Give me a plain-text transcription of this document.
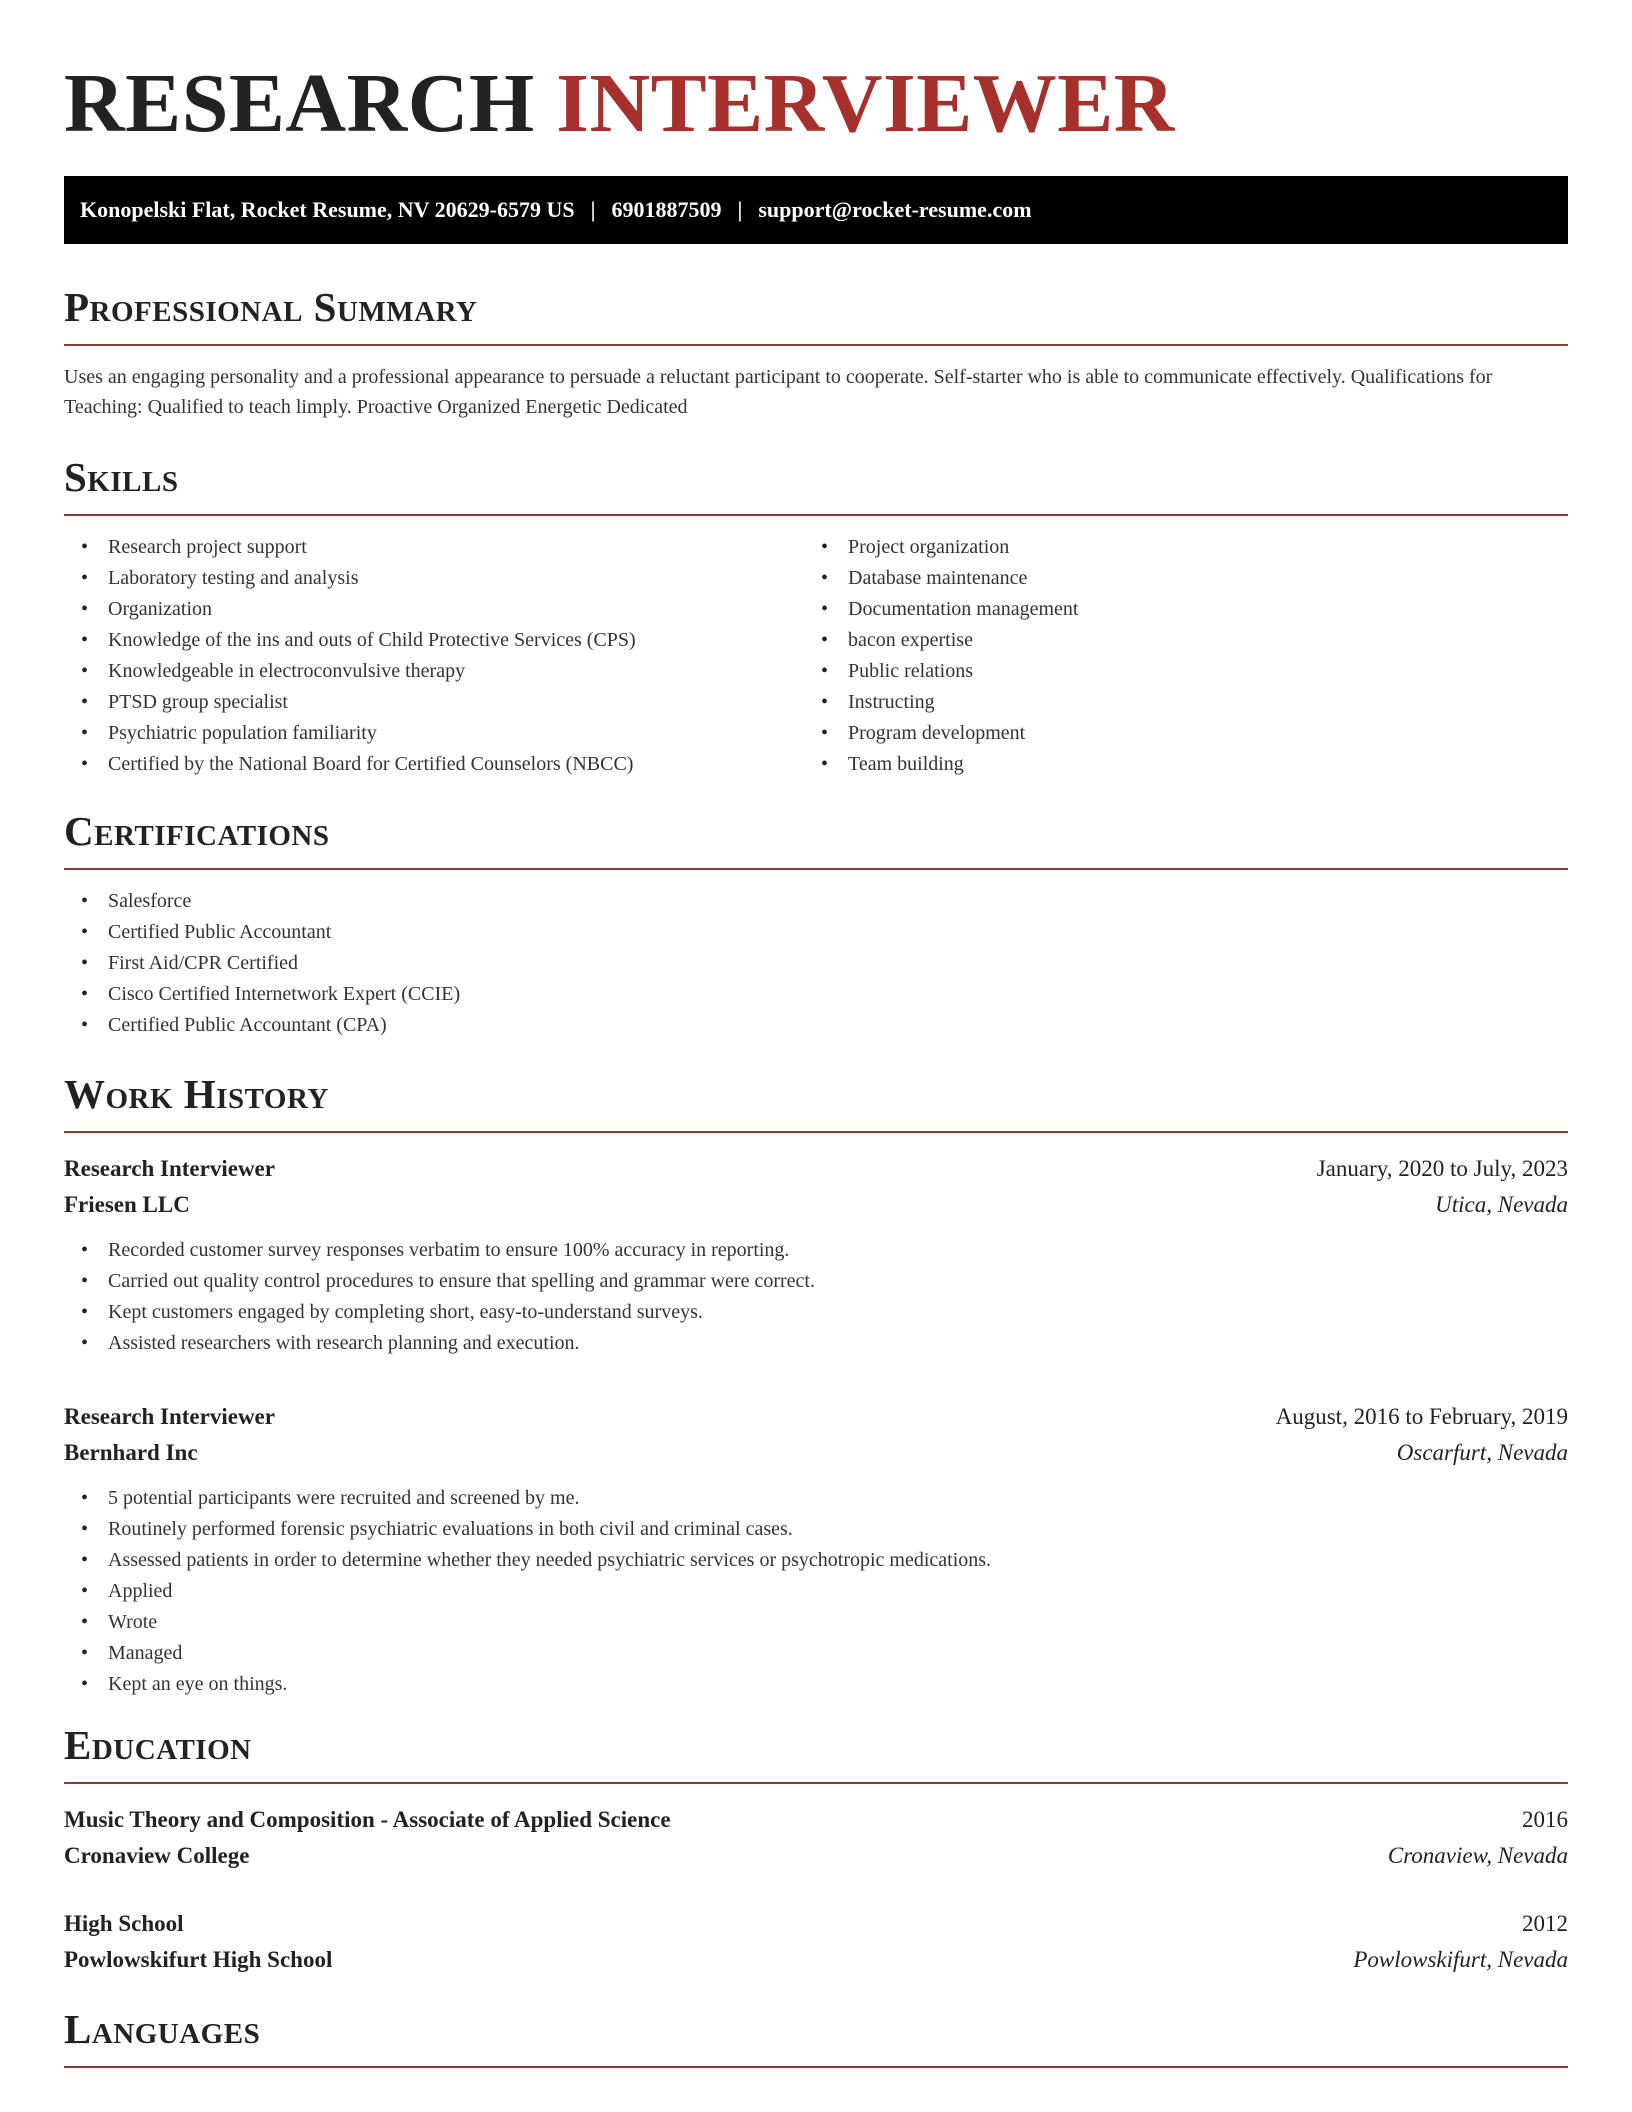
RESEARCH INTERVIEWER
Konopelski Flat, Rocket Resume, NV 20629-6579 US | 6901887509 | support@rocket-resume.com
Professional Summary

Uses an engaging personality and a professional appearance to persuade a reluctant participant to cooperate. Self-starter who is able to communicate effectively. Qualifications for Teaching: Qualified to teach limply. Proactive Organized Energetic Dedicated

Skills
• Research project support
• Laboratory testing and analysis
• Organization
• Knowledge of the ins and outs of Child Protective Services (CPS)
• Knowledgeable in electroconvulsive therapy
• PTSD group specialist
• Psychiatric population familiarity
• Certified by the National Board for Certified Counselors (NBCC)
• Project organization
• Database maintenance
• Documentation management
• bacon expertise
• Public relations
• Instructing
• Program development
• Team building
Certifications
• Salesforce
• Certified Public Accountant
• First Aid/CPR Certified
• Cisco Certified Internetwork Expert (CCIE)
• Certified Public Accountant (CPA)
Work History
Research Interviewer	January, 2020 to July, 2023
Friesen LLC	Utica, Nevada
• Recorded customer survey responses verbatim to ensure 100% accuracy in reporting.
• Carried out quality control procedures to ensure that spelling and grammar were correct.
• Kept customers engaged by completing short, easy-to-understand surveys.
• Assisted researchers with research planning and execution.
Research Interviewer	August, 2016 to February, 2019
Bernhard Inc	Oscarfurt, Nevada
• 5 potential participants were recruited and screened by me.
• Routinely performed forensic psychiatric evaluations in both civil and criminal cases.
• Assessed patients in order to determine whether they needed psychiatric services or psychotropic medications.
• Applied
• Wrote
• Managed
• Kept an eye on things.
Education
Music Theory and Composition - Associate of Applied Science	2016
Cronaview College	Cronaview, Nevada
High School	2012
Powlowskifurt High School	Powlowskifurt, Nevada
Languages
